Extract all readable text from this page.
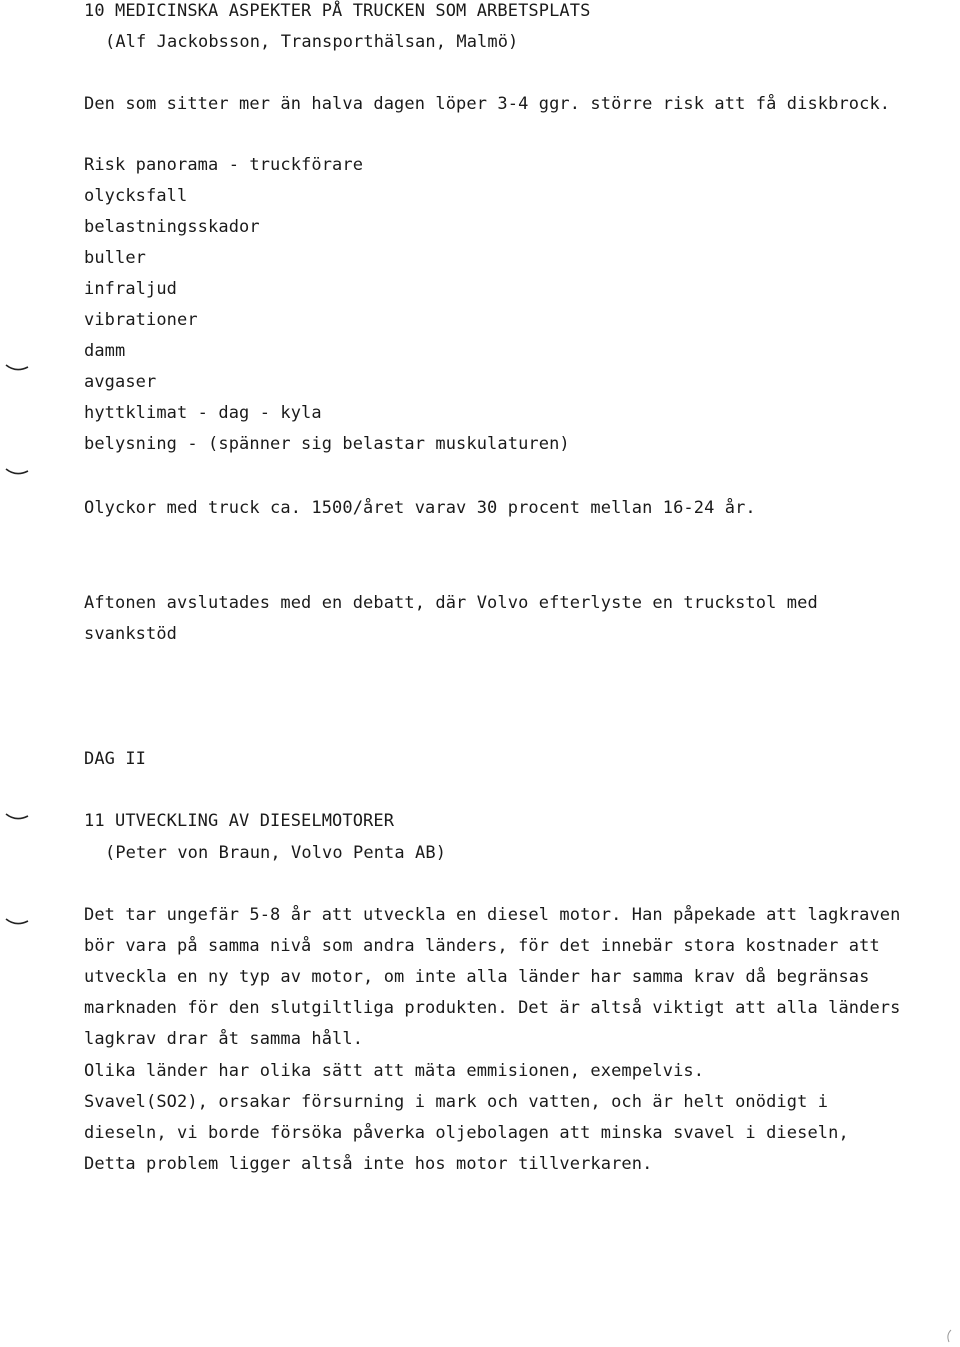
10 MEDICINSKA ASPEKTER PÅ TRUCKEN SOM ARBETSPLATS
(Alf Jackobsson, Transporthälsan, Malmö)
Den som sitter mer än halva dagen löper 3-4 ggr. större risk att få diskbrock.
Risk panorama - truckförare
olycksfall
belastningsskador
buller
infraljud
vibrationer
damm
avgaser
hyttklimat - dag - kyla
belysning - (spänner sig belastar muskulaturen)
Olyckor med truck ca. 1500/året varav 30 procent mellan 16-24 år.
Aftonen avslutades med en debatt, där Volvo efterlyste en truckstol med
svankstöd
DAG II
11 UTVECKLING AV DIESELMOTORER
(Peter von Braun, Volvo Penta AB)
Det tar ungefär 5-8 år att utveckla en diesel motor. Han påpekade att lagkraven
bör vara på samma nivå som andra länders, för det innebär stora kostnader att
utveckla en ny typ av motor, om inte alla länder har samma krav då begränsas
marknaden för den slutgiltliga produkten. Det är altså viktigt att alla länders
lagkrav drar åt samma håll.
Olika länder har olika sätt att mäta emmisionen, exempelvis.
Svavel(SO2), orsakar försurning i mark och vatten, och är helt onödigt i
dieseln, vi borde försöka påverka oljebolagen att minska svavel i dieseln,
Detta problem ligger altså inte hos motor tillverkaren.
